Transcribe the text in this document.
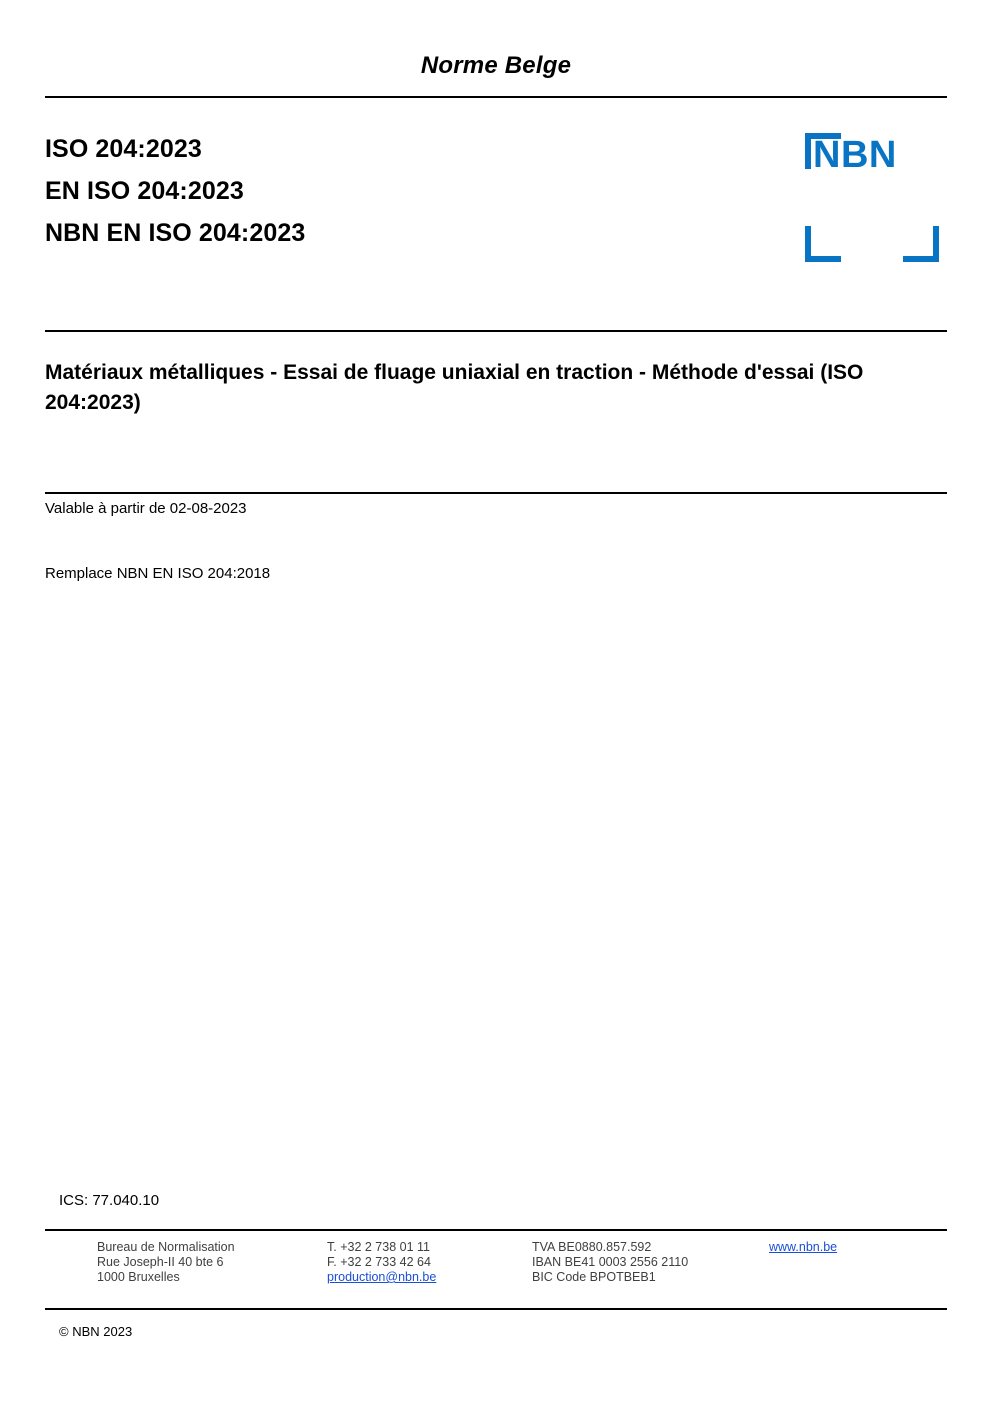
Norme Belge
ISO 204:2023
EN ISO 204:2023
NBN EN ISO 204:2023
NBN
Matériaux métalliques - Essai de fluage uniaxial en traction - Méthode d'essai (ISO 204:2023)
Valable à partir de 02-08-2023
Remplace NBN EN ISO 204:2018
ICS: 77.040.10
Bureau de Normalisation
Rue Joseph-II 40 bte 6
1000 Bruxelles
T. +32 2 738 01 11
F. +32 2 733 42 64
production@nbn.be
TVA BE0880.857.592
IBAN BE41 0003 2556 2110
BIC Code BPOTBEB1
www.nbn.be
© NBN 2023
